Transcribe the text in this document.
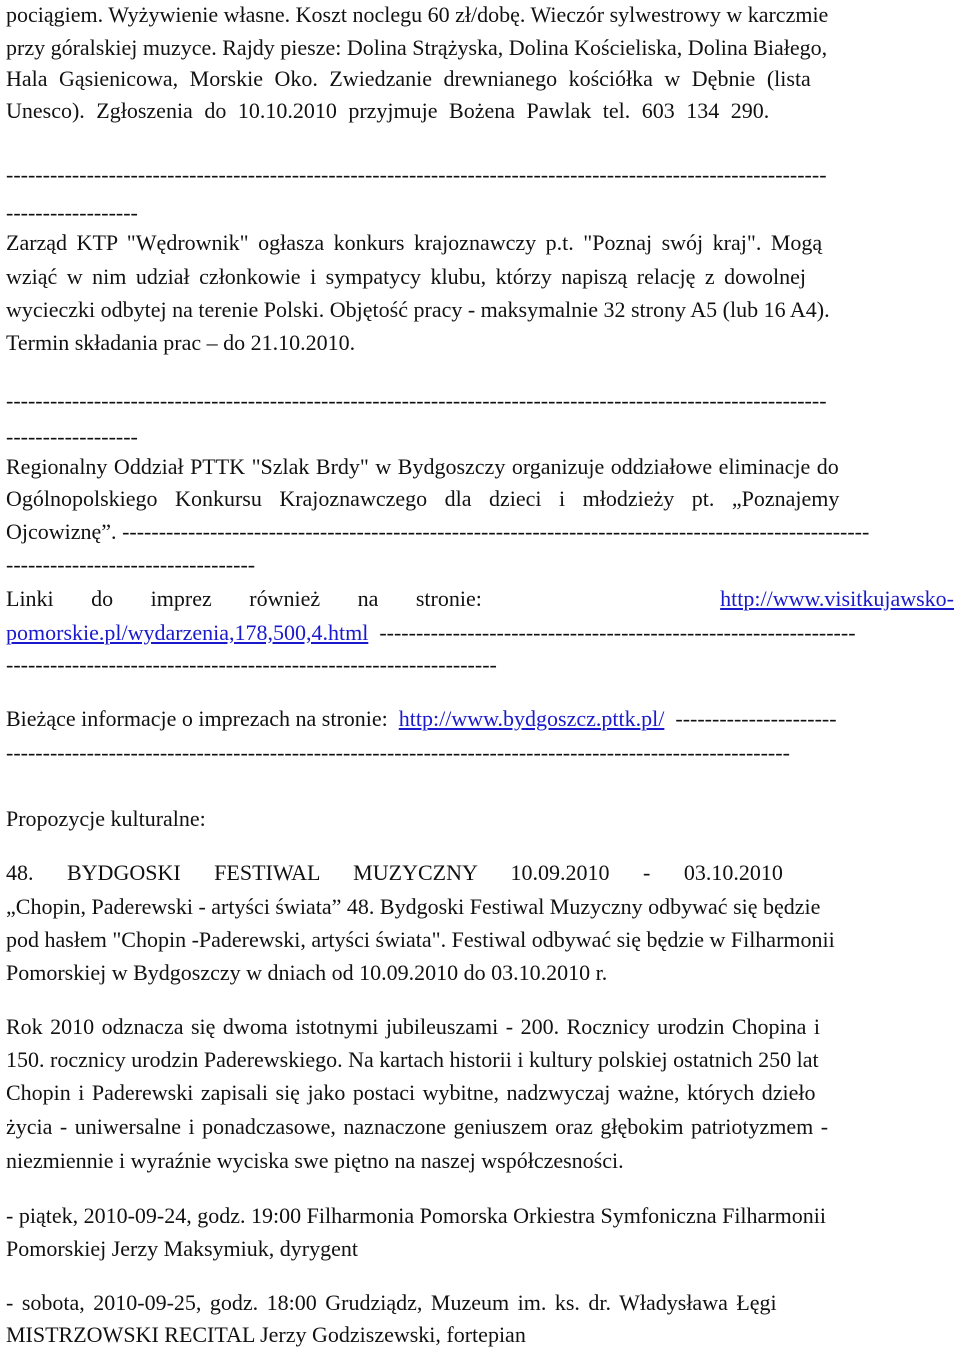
pociągiem. Wyżywienie własne. Koszt noclegu 60 zł/dobę. Wieczór sylwestrowy w karczmie
przy góralskiej muzyce. Rajdy piesze: Dolina Strążyska, Dolina Kościeliska, Dolina Białego,
Hala Gąsienicowa, Morskie Oko. Zwiedzanie drewnianego kościółka w Dębnie (lista
Unesco). Zgłoszenia do 10.10.2010 przyjmuje Bożena Pawlak tel. 603 134 290.
----------------------------------------------------------------------------------------------------------------
------------------
Zarząd KTP "Wędrownik" ogłasza konkurs krajoznawczy p.t. "Poznaj swój kraj". Mogą
wziąć w nim udział członkowie i sympatycy klubu, którzy napiszą relację z dowolnej
wycieczki odbytej na terenie Polski. Objętość pracy - maksymalnie 32 strony A5 (lub 16 A4).
Termin składania prac – do 21.10.2010.
----------------------------------------------------------------------------------------------------------------
------------------
Regionalny Oddział PTTK "Szlak Brdy" w Bydgoszczy organizuje oddziałowe eliminacje do
Ogólnopolskiego Konkursu Krajoznawczego dla dzieci i młodzieży pt. „Poznajemy
Ojcowiznę”.
------------------------------------------------------------------------------------------------------
----------------------------------
Linki do imprez również na stronie:	http://www.visitkujawsko-
pomorskie.pl/wydarzenia,178,500,4.html
-----------------------------------------------------------------
-------------------------------------------------------------------
Bieżące informacje o imprezach na stronie:
http://www.bydgoszcz.pttk.pl/
----------------------
-----------------------------------------------------------------------------------------------------------
Propozycje kulturalne:
48. BYDGOSKI FESTIWAL MUZYCZNY 10.09.2010 - 03.10.2010
„Chopin, Paderewski - artyści świata” 48. Bydgoski Festiwal Muzyczny odbywać się będzie
pod hasłem "Chopin -Paderewski, artyści świata". Festiwal odbywać się będzie w Filharmonii
Pomorskiej w Bydgoszczy w dniach od 10.09.2010 do 03.10.2010 r.
Rok 2010 odznacza się dwoma istotnymi jubileuszami - 200. Rocznicy urodzin Chopina i
150. rocznicy urodzin Paderewskiego. Na kartach historii i kultury polskiej ostatnich 250 lat
Chopin i Paderewski zapisali się jako postaci wybitne, nadzwyczaj ważne, których dzieło
życia - uniwersalne i ponadczasowe, naznaczone geniuszem oraz głębokim patriotyzmem -
niezmiennie i wyraźnie wyciska swe piętno na naszej współczesności.
- piątek, 2010-09-24, godz. 19:00 Filharmonia Pomorska Orkiestra Symfoniczna Filharmonii
Pomorskiej Jerzy Maksymiuk, dyrygent
- sobota, 2010-09-25, godz. 18:00 Grudziądz, Muzeum im. ks. dr. Władysława Łęgi
MISTRZOWSKI RECITAL Jerzy Godziszewski, fortepian
